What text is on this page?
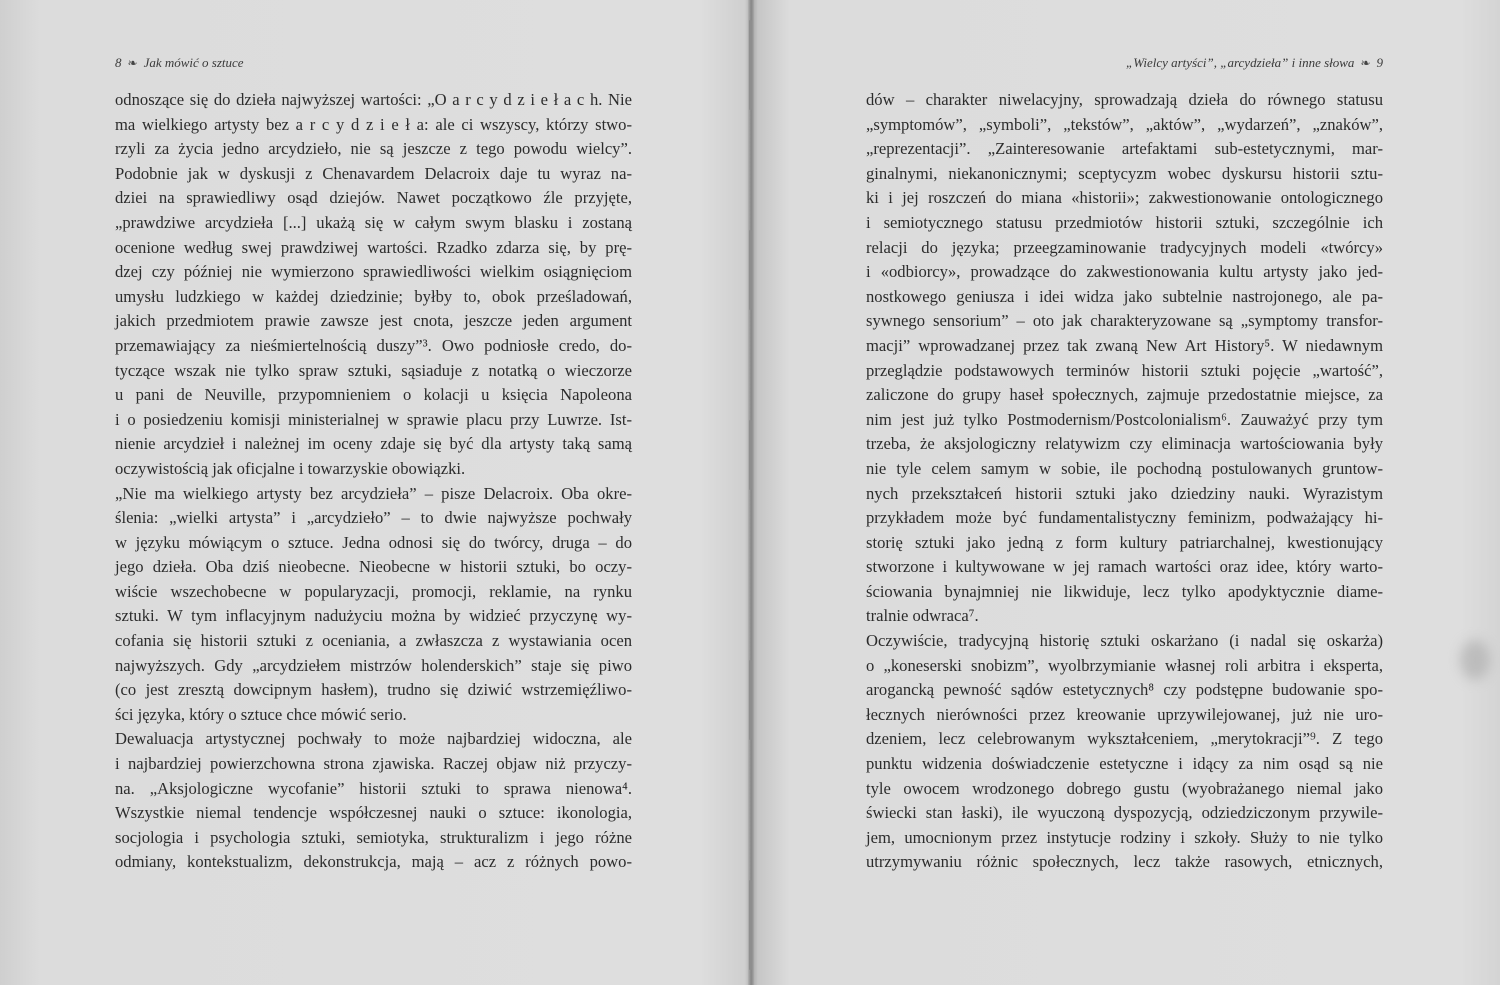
8 ❧ Jak mówić o sztuce
odnoszące się do dzieła najwyższej wartości: „O a r c y d z i e ł a c h. Nie
ma wielkiego artysty bez a r c y d z i e ł a: ale ci wszyscy, którzy stwo-
rzyli za życia jedno arcydzieło, nie są jeszcze z tego powodu wielcy”.
Podobnie jak w dyskusji z Chenavardem Delacroix daje tu wyraz na-
dziei na sprawiedliwy osąd dziejów. Nawet początkowo źle przyjęte,
„prawdziwe arcydzieła [...] ukażą się w całym swym blasku i zostaną
ocenione według swej prawdziwej wartości. Rzadko zdarza się, by prę-
dzej czy później nie wymierzono sprawiedliwości wielkim osiągnięciom
umysłu ludzkiego w każdej dziedzinie; byłby to, obok prześladowań,
jakich przedmiotem prawie zawsze jest cnota, jeszcze jeden argument
przemawiający za nieśmiertelnością duszy”³. Owo podniosłe credo, do-
tyczące wszak nie tylko spraw sztuki, sąsiaduje z notatką o wieczorze
u pani de Neuville, przypomnieniem o kolacji u księcia Napoleona
i o posiedzeniu komisji ministerialnej w sprawie placu przy Luwrze. Ist-
nienie arcydzieł i należnej im oceny zdaje się być dla artysty taką samą
oczywistością jak oficjalne i towarzyskie obowiązki.
„Nie ma wielkiego artysty bez arcydzieła” – pisze Delacroix. Oba okre-
ślenia: „wielki artysta” i „arcydzieło” – to dwie najwyższe pochwały
w języku mówiącym o sztuce. Jedna odnosi się do twórcy, druga – do
jego dzieła. Oba dziś nieobecne. Nieobecne w historii sztuki, bo oczy-
wiście wszechobecne w popularyzacji, promocji, reklamie, na rynku
sztuki. W tym inflacyjnym nadużyciu można by widzieć przyczynę wy-
cofania się historii sztuki z oceniania, a zwłaszcza z wystawiania ocen
najwyższych. Gdy „arcydziełem mistrzów holenderskich” staje się piwo
(co jest zresztą dowcipnym hasłem), trudno się dziwić wstrzemięźliwo-
ści języka, który o sztuce chce mówić serio.
Dewaluacja artystycznej pochwały to może najbardziej widoczna, ale
i najbardziej powierzchowna strona zjawiska. Raczej objaw niż przyczy-
na. „Aksjologiczne wycofanie” historii sztuki to sprawa nienowa⁴.
Wszystkie niemal tendencje współczesnej nauki o sztuce: ikonologia,
socjologia i psychologia sztuki, semiotyka, strukturalizm i jego różne
odmiany, kontekstualizm, dekonstrukcja, mają – acz z różnych powo-
„Wielcy artyści”, „arcydzieła” i inne słowa ❧ 9
dów – charakter niwelacyjny, sprowadzają dzieła do równego statusu
„symptomów”, „symboli”, „tekstów”, „aktów”, „wydarzeń”, „znaków”,
„reprezentacji”. „Zainteresowanie artefaktami sub-estetycznymi, mar-
ginalnymi, niekanonicznymi; sceptycyzm wobec dyskursu historii sztu-
ki i jej roszczeń do miana «historii»; zakwestionowanie ontologicznego
i semiotycznego statusu przedmiotów historii sztuki, szczególnie ich
relacji do języka; przeegzaminowanie tradycyjnych modeli «twórcy»
i «odbiorcy», prowadzące do zakwestionowania kultu artysty jako jed-
nostkowego geniusza i idei widza jako subtelnie nastrojonego, ale pa-
sywnego sensorium” – oto jak charakteryzowane są „symptomy transfor-
macji” wprowadzanej przez tak zwaną New Art History⁵. W niedawnym
przeglądzie podstawowych terminów historii sztuki pojęcie „wartość”,
zaliczone do grupy haseł społecznych, zajmuje przedostatnie miejsce, za
nim jest już tylko Postmodernism/Postcolonialism⁶. Zauważyć przy tym
trzeba, że aksjologiczny relatywizm czy eliminacja wartościowania były
nie tyle celem samym w sobie, ile pochodną postulowanych gruntow-
nych przekształceń historii sztuki jako dziedziny nauki. Wyrazistym
przykładem może być fundamentalistyczny feminizm, podważający hi-
storię sztuki jako jedną z form kultury patriarchalnej, kwestionujący
stworzone i kultywowane w jej ramach wartości oraz idee, który warto-
ściowania bynajmniej nie likwiduje, lecz tylko apodyktycznie diame-
tralnie odwraca⁷.
Oczywiście, tradycyjną historię sztuki oskarżano (i nadal się oskarża)
o „koneserski snobizm”, wyolbrzymianie własnej roli arbitra i eksperta,
arogancką pewność sądów estetycznych⁸ czy podstępne budowanie spo-
łecznych nierówności przez kreowanie uprzywilejowanej, już nie uro-
dzeniem, lecz celebrowanym wykształceniem, „merytokracji”⁹. Z tego
punktu widzenia doświadczenie estetyczne i idący za nim osąd są nie
tyle owocem wrodzonego dobrego gustu (wyobrażanego niemal jako
świecki stan łaski), ile wyuczoną dyspozycją, odziedziczonym przywile-
jem, umocnionym przez instytucje rodziny i szkoły. Służy to nie tylko
utrzymywaniu różnic społecznych, lecz także rasowych, etnicznych,
